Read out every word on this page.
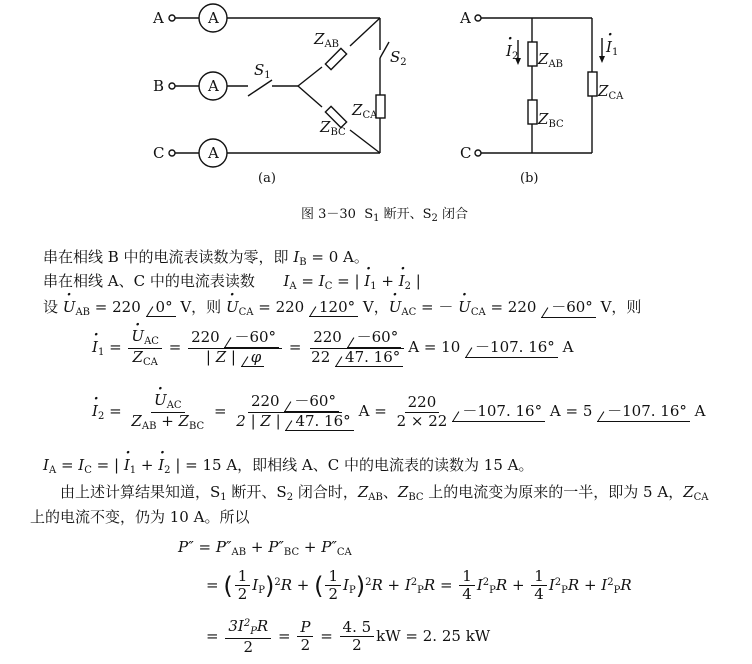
A
B
C
A
A
A
$S_1$
$S_2$
$Z_{AB}$
$Z_{BC}$
$Z_{CA}$
(a)
A
C
$I \cdot_2$
$I \cdot_1$
$Z_{AB}$
$Z_{BC}$
$Z_{CA}$
(b)
图 3－30 $S_1$ 断开、$S_2$ 闭合
串在相线 B 中的电流表读数为零，即 $I_B = 0$ A。
串在相线 A、C 中的电流表读数 $I_A = I_C$ = | $I \cdot_1 + I \cdot_2$ |
设 $U \cdot_{AB} = 220$ 0° V，则 $U \cdot_{CA} = 220$ 120° V，$U \cdot_{AC}$ = － $U \cdot_{CA} = 220 -60^\circ$ V，则
$I \cdot_1 = \frac{U \cdot_{AC}}{Z_{CA}} = \frac{220 -60^\circ}{| Z | \varphi} = \frac{220 -60^\circ}{22 47. 16^\circ}$ A = 10 －107. 16° A
$I \cdot_2 = \frac{U \cdot_{AC}}{Z_{AB} + Z_{BC}} = \frac{220 -60^\circ}{2 | Z | 47. 16^\circ}$ $A = \frac{220}{2 \times 22} -107$. 16° A = 5 －107. 16° A
$I_A = I_C$ = | $I \cdot_1 + I \cdot_2$ | = 15 A，即相线 A、C 中的电流表的读数为 15 A。
由上述计算结果知道，$S_1$ 断开、$S_2$ 闭合时，$Z_{AB}$、$Z_{BC}$ 上的电流变为原来的一半，即为 5 A，$Z_{CA}$
上的电流不变，仍为 10 A。所以
$P'' = P''_{AB} + P''_{BC} + P''_{CA}$
= ( $\frac{1}{2} I_P)^2R$ + ( $\frac{1}{2} I_P)^2R + I^2_PR = \frac{1}{4} I^2_PR + \frac{1}{4} I^2_PR + I^2_PR$
= $\frac{3I^2_PR}{2} = \frac{P}{2} = \frac{4. 5}{2}$ kW = 2. 25 kW
